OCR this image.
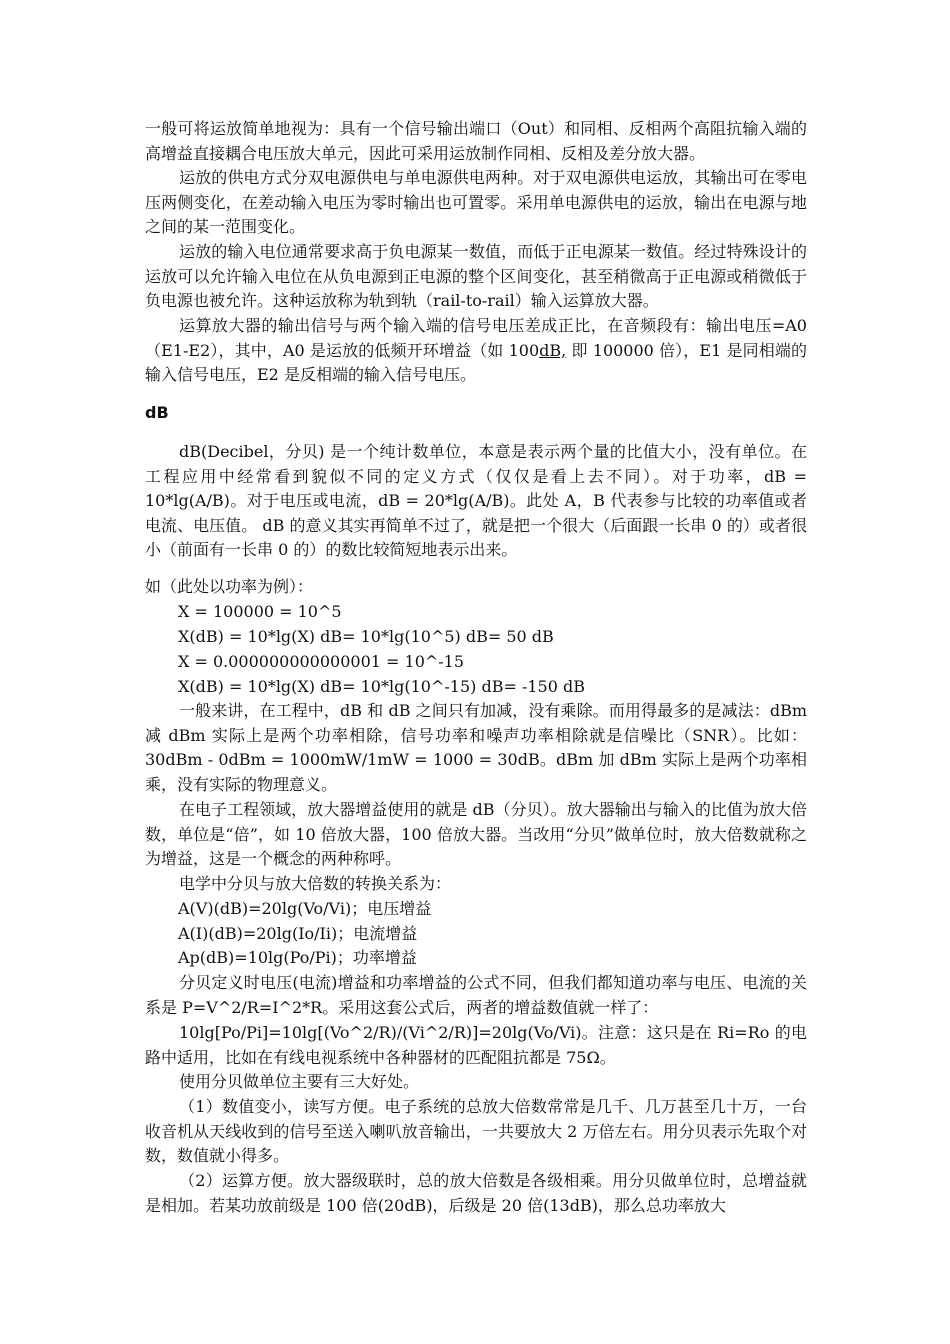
一般可将运放简单地视为：具有一个信号输出端口（Out）和同相、反相两个高阻抗输入端的高增益直接耦合电压放大单元，因此可采用运放制作同相、反相及差分放大器。

运放的供电方式分双电源供电与单电源供电两种。对于双电源供电运放，其输出可在零电压两侧变化，在差动输入电压为零时输出也可置零。采用单电源供电的运放，输出在电源与地之间的某一范围变化。

运放的输入电位通常要求高于负电源某一数值，而低于正电源某一数值。经过特殊设计的运放可以允许输入电位在从负电源到正电源的整个区间变化，甚至稍微高于正电源或稍微低于负电源也被允许。这种运放称为轨到轨（rail-to-rail）输入运算放大器。

运算放大器的输出信号与两个输入端的信号电压差成正比，在音频段有：输出电压=A0（E1-E2），其中，A0 是运放的低频开环增益（如 100dB, 即 100000 倍），E1 是同相端的输入信号电压，E2 是反相端的输入信号电压。

dB

dB(Decibel，分贝) 是一个纯计数单位，本意是表示两个量的比值大小，没有单位。在工程应用中经常看到貌似不同的定义方式（仅仅是看上去不同）。对于功率，dB = 10*lg(A/B)。对于电压或电流，dB = 20*lg(A/B)。此处 A，B 代表参与比较的功率值或者电流、电压值。 dB 的意义其实再简单不过了，就是把一个很大（后面跟一长串 0 的）或者很小（前面有一长串 0 的）的数比较简短地表示出来。

如（此处以功率为例）：

X = 100000 = 10^5

X(dB) = 10*lg(X) dB= 10*lg(10^5) dB= 50 dB

X = 0.000000000000001 = 10^-15

X(dB) = 10*lg(X) dB= 10*lg(10^-15) dB= -150 dB

一般来讲，在工程中，dB 和 dB 之间只有加减，没有乘除。而用得最多的是减法：dBm 减 dBm 实际上是两个功率相除，信号功率和噪声功率相除就是信噪比（SNR）。比如：30dBm - 0dBm = 1000mW/1mW = 1000 = 30dB。dBm 加 dBm 实际上是两个功率相乘，没有实际的物理意义。

在电子工程领域，放大器增益使用的就是 dB（分贝）。放大器输出与输入的比值为放大倍数，单位是“倍”，如 10 倍放大器，100 倍放大器。当改用“分贝”做单位时，放大倍数就称之为增益，这是一个概念的两种称呼。

电学中分贝与放大倍数的转换关系为：

A(V)(dB)=20lg(Vo/Vi)；电压增益

A(I)(dB)=20lg(Io/Ii)；电流增益

Ap(dB)=10lg(Po/Pi)；功率增益

分贝定义时电压(电流)增益和功率增益的公式不同，但我们都知道功率与电压、电流的关系是 P=V^2/R=I^2*R。采用这套公式后，两者的增益数值就一样了：

10lg[Po/Pi]=10lg[(Vo^2/R)/(Vi^2/R)]=20lg(Vo/Vi)。注意：这只是在 Ri=Ro 的电路中适用，比如在有线电视系统中各种器材的匹配阻抗都是 75Ω。

使用分贝做单位主要有三大好处。

（1）数值变小，读写方便。电子系统的总放大倍数常常是几千、几万甚至几十万，一台收音机从天线收到的信号至送入喇叭放音输出，一共要放大 2 万倍左右。用分贝表示先取个对数，数值就小得多。

（2）运算方便。放大器级联时，总的放大倍数是各级相乘。用分贝做单位时，总增益就是相加。若某功放前级是 100 倍(20dB)，后级是 20 倍(13dB)，那么总功率放大
